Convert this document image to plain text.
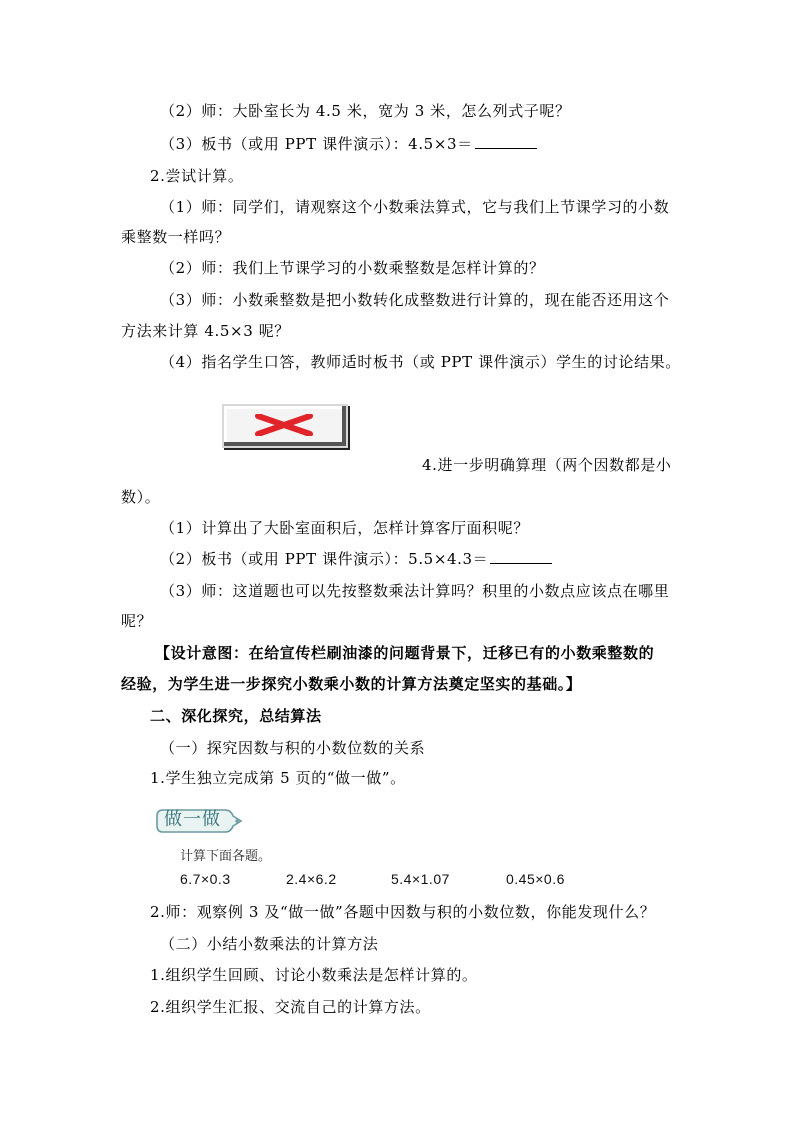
（2）师：大卧室长为 4.5 米，宽为 3 米，怎么列式子呢？
（3）板书（或用 PPT 课件演示）：4.5×3＝
2.尝试计算。
（1）师：同学们，请观察这个小数乘法算式，它与我们上节课学习的小数
乘整数一样吗？
（2）师：我们上节课学习的小数乘整数是怎样计算的？
（3）师：小数乘整数是把小数转化成整数进行计算的，现在能否还用这个
方法来计算 4.5×3 呢？
（4）指名学生口答，教师适时板书（或 PPT 课件演示）学生的讨论结果。
4.进一步明确算理（两个因数都是小
数）。
（1）计算出了大卧室面积后，怎样计算客厅面积呢？
（2）板书（或用 PPT 课件演示）：5.5×4.3＝
（3）师：这道题也可以先按整数乘法计算吗？积里的小数点应该点在哪里
呢？
【设计意图：在给宣传栏刷油漆的问题背景下，迁移已有的小数乘整数的
经验，为学生进一步探究小数乘小数的计算方法奠定坚实的基础。】
二、深化探究，总结算法
（一）探究因数与积的小数位数的关系
1.学生独立完成第 5 页的“做一做”。
做一做
计算下面各题。
6.7×0.3	2.4×6.2	5.4×1.07	0.45×0.6
2.师：观察例 3 及“做一做”各题中因数与积的小数位数，你能发现什么？
（二）小结小数乘法的计算方法
1.组织学生回顾、讨论小数乘法是怎样计算的。
2.组织学生汇报、交流自己的计算方法。
